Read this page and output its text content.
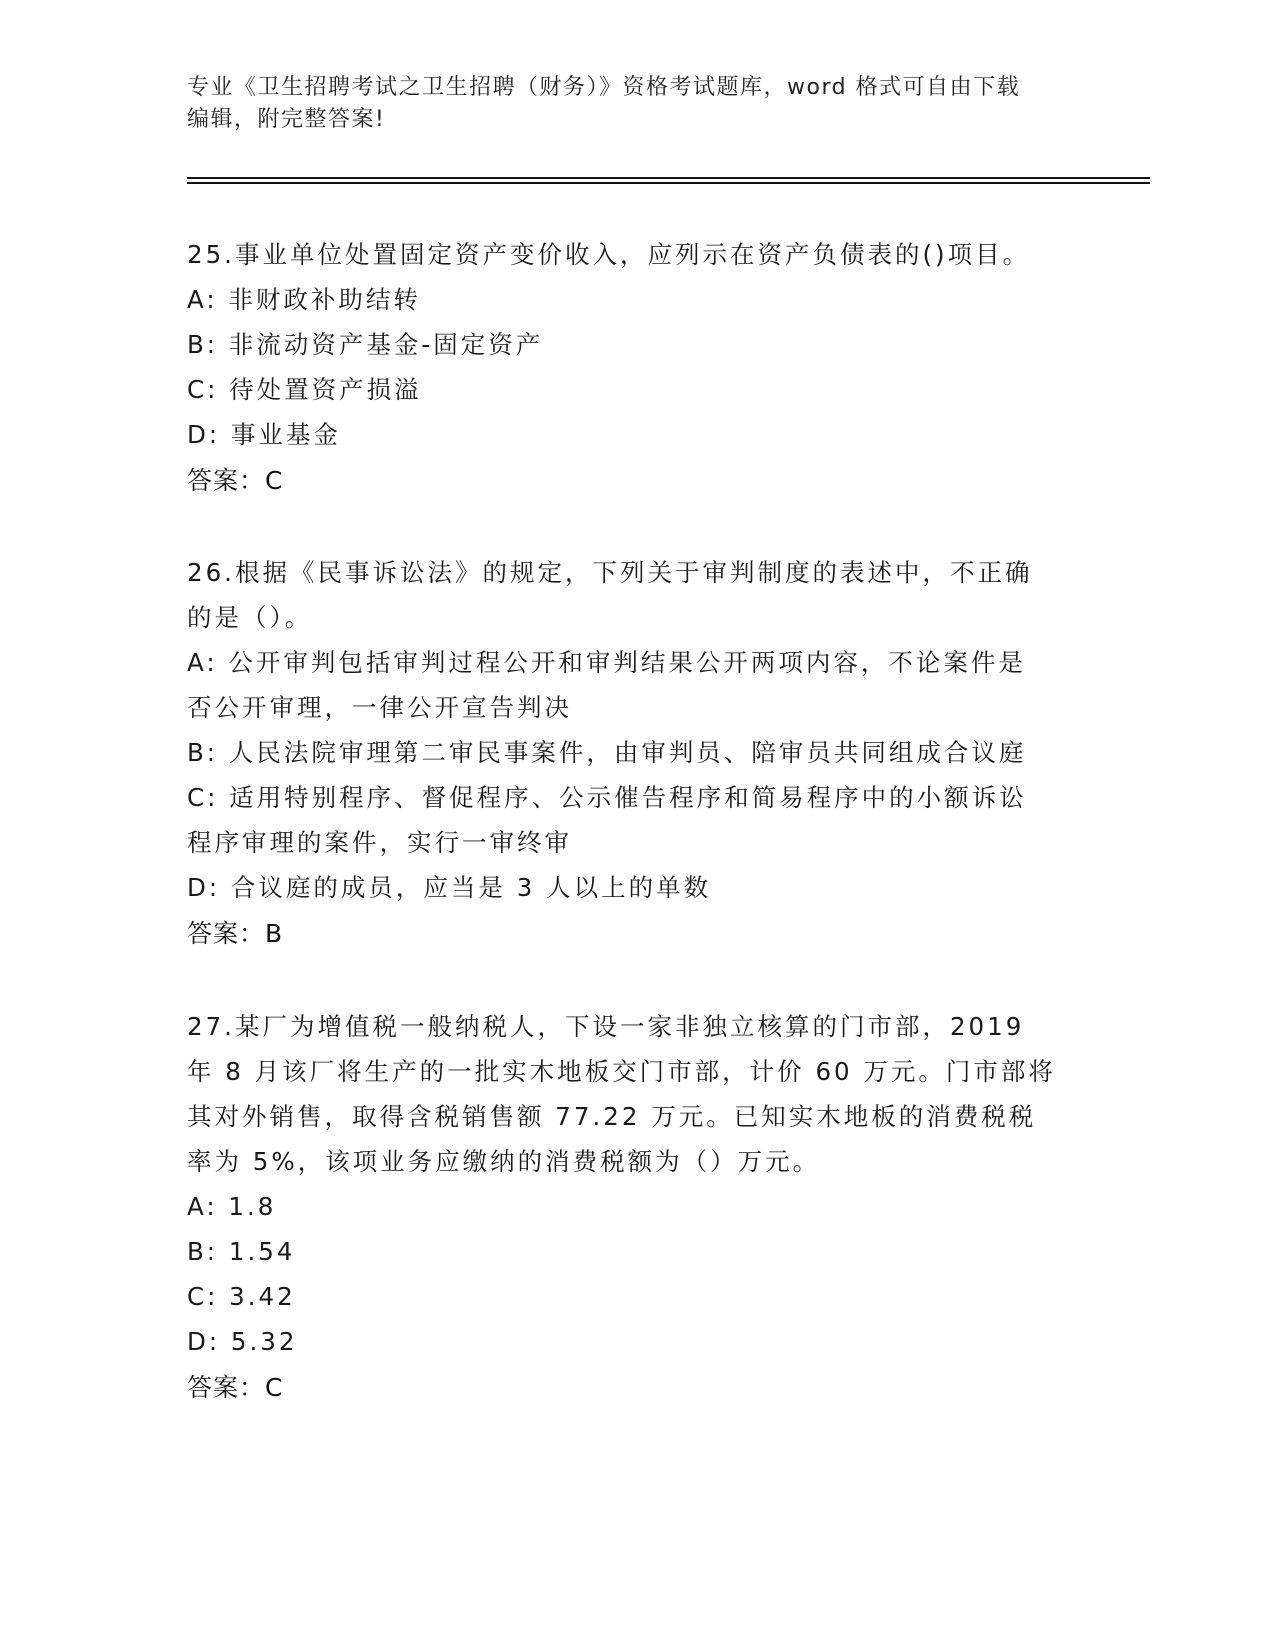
专业《卫生招聘考试之卫生招聘（财务）》资格考试题库，word 格式可自由下载
编辑，附完整答案!

25.事业单位处置固定资产变价收入，应列示在资产负债表的()项目。

A: 非财政补助结转

B: 非流动资产基金-固定资产

C: 待处置资产损溢

D: 事业基金

答案：C

26.根据《民事诉讼法》的规定，下列关于审判制度的表述中，不正确

的是（）。

A: 公开审判包括审判过程公开和审判结果公开两项内容，不论案件是

否公开审理，一律公开宣告判决

B: 人民法院审理第二审民事案件，由审判员、陪审员共同组成合议庭

C: 适用特别程序、督促程序、公示催告程序和简易程序中的小额诉讼

程序审理的案件，实行一审终审

D: 合议庭的成员，应当是 3 人以上的单数

答案：B

27.某厂为增值税一般纳税人，下设一家非独立核算的门市部，2019

年 8 月该厂将生产的一批实木地板交门市部，计价 60 万元。门市部将

其对外销售，取得含税销售额 77.22 万元。已知实木地板的消费税税

率为 5%，该项业务应缴纳的消费税额为（）万元。

A: 1.8

B: 1.54

C: 3.42

D: 5.32

答案：C
